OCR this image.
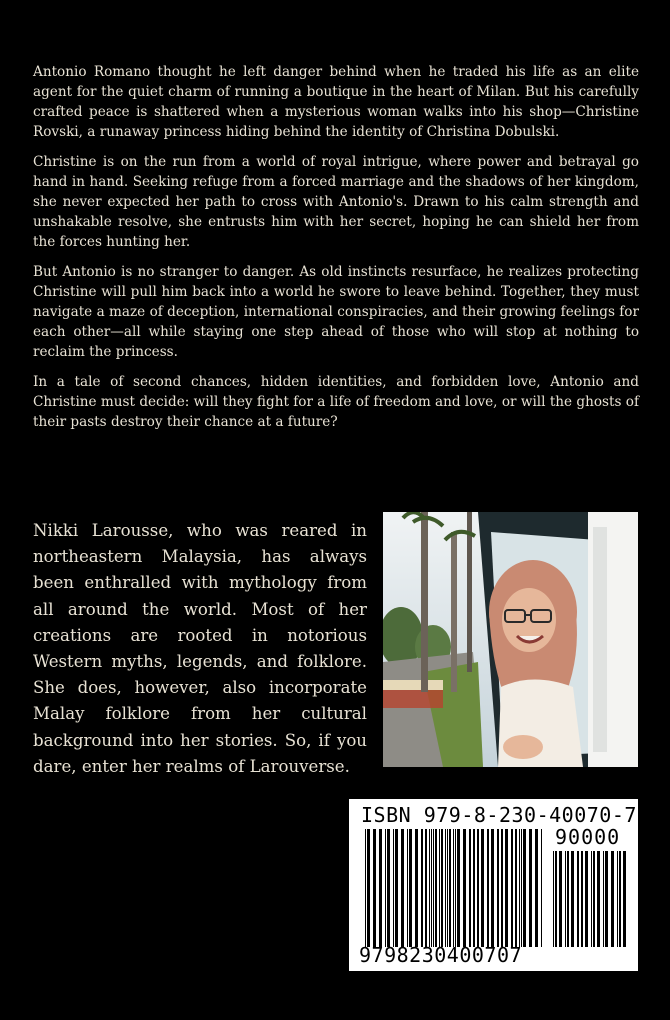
Antonio Romano thought he left danger behind when he traded his life as an elite agent for the quiet charm of running a boutique in the heart of Milan. But his carefully crafted peace is shattered when a mysterious woman walks into his shop—Christine Rovski, a runaway princess hiding behind the identity of Christina Dobulski.

Christine is on the run from a world of royal intrigue, where power and betrayal go hand in hand. Seeking refuge from a forced marriage and the shadows of her kingdom, she never expected her path to cross with Antonio's. Drawn to his calm strength and unshakable resolve, she entrusts him with her secret, hoping he can shield her from the forces hunting her.

But Antonio is no stranger to danger. As old instincts resurface, he realizes protecting Christine will pull him back into a world he swore to leave behind. Together, they must navigate a maze of deception, international conspiracies, and their growing feelings for each other—all while staying one step ahead of those who will stop at nothing to reclaim the princess.

In a tale of second chances, hidden identities, and forbidden love, Antonio and Christine must decide: will they fight for a life of freedom and love, or will the ghosts of their pasts destroy their chance at a future?

Nikki Larousse, who was reared in northeastern Malaysia, has always been enthralled with mythology from all around the world. Most of her creations are rooted in notorious Western myths, legends, and folklore. She does, however, also incorporate Malay folklore from her cultural background into her stories. So, if you dare, enter her realms of Larouverse.
ISBN 979-8-230-40070-7
90000
9798230400707
